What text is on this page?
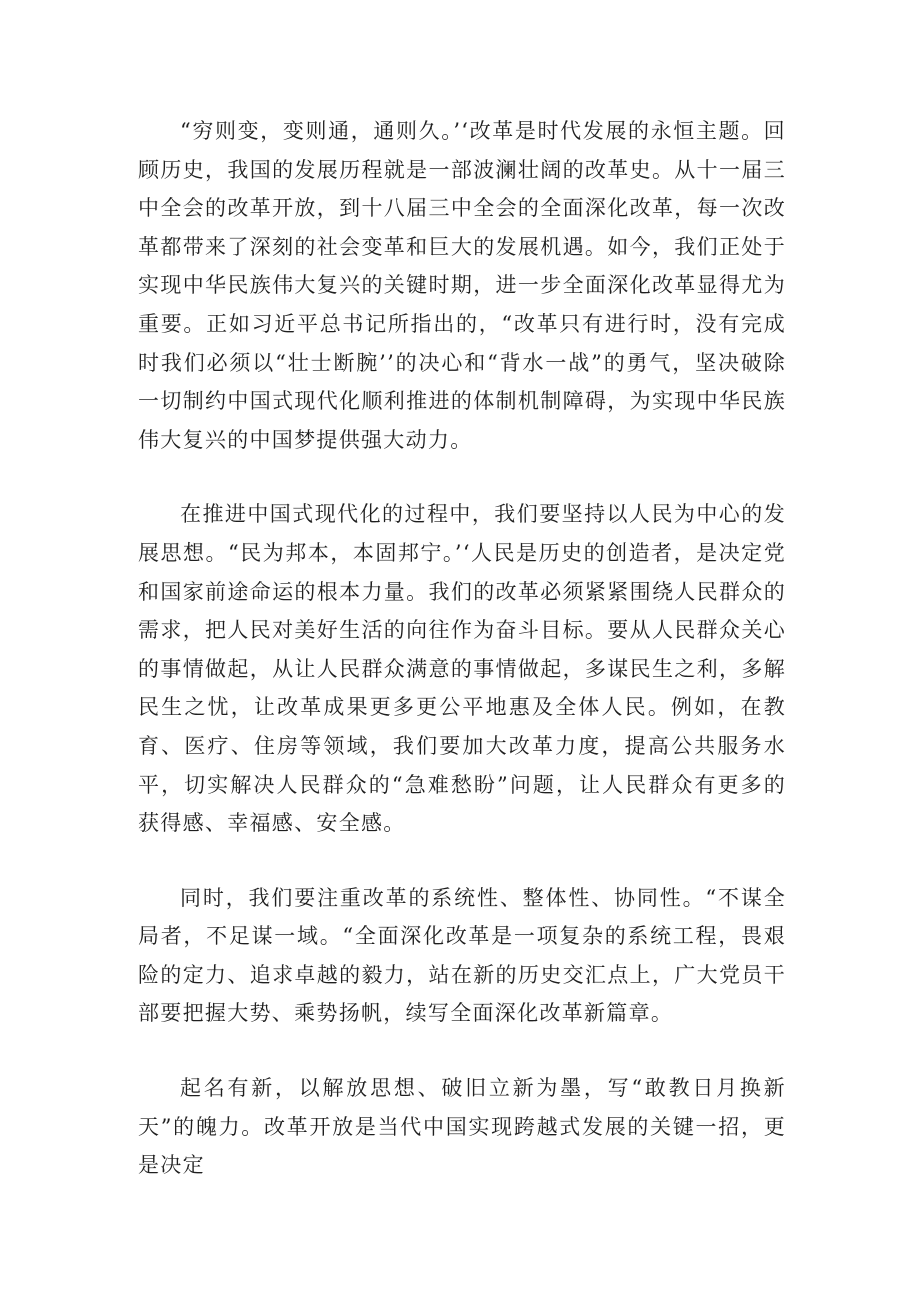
“穷则变，变则通，通则久。’‘改革是时代发展的永恒主题。回顾历史，我国的发展历程就是一部波澜壮阔的改革史。从十一届三中全会的改革开放，到十八届三中全会的全面深化改革，每一次改革都带来了深刻的社会变革和巨大的发展机遇。如今，我们正处于实现中华民族伟大复兴的关键时期，进一步全面深化改革显得尤为重要。正如习近平总书记所指出的，“改革只有进行时，没有完成时我们必须以“壮士断腕’’的决心和“背水一战”的勇气，坚决破除一切制约中国式现代化顺利推进的体制机制障碍，为实现中华民族伟大复兴的中国梦提供强大动力。

在推进中国式现代化的过程中，我们要坚持以人民为中心的发展思想。“民为邦本，本固邦宁。’‘人民是历史的创造者，是决定党和国家前途命运的根本力量。我们的改革必须紧紧围绕人民群众的需求，把人民对美好生活的向往作为奋斗目标。要从人民群众关心的事情做起，从让人民群众满意的事情做起，多谋民生之利，多解民生之忧，让改革成果更多更公平地惠及全体人民。例如，在教育、医疗、住房等领域，我们要加大改革力度，提高公共服务水平，切实解决人民群众的“急难愁盼”问题，让人民群众有更多的获得感、幸福感、安全感。

同时，我们要注重改革的系统性、整体性、协同性。“不谋全局者，不足谋一域。“全面深化改革是一项复杂的系统工程，畏艰险的定力、追求卓越的毅力，站在新的历史交汇点上，广大党员干部要把握大势、乘势扬帆，续写全面深化改革新篇章。

起名有新，以解放思想、破旧立新为墨，写“敢教日月换新天”的魄力。改革开放是当代中国实现跨越式发展的关键一招，更是决定
